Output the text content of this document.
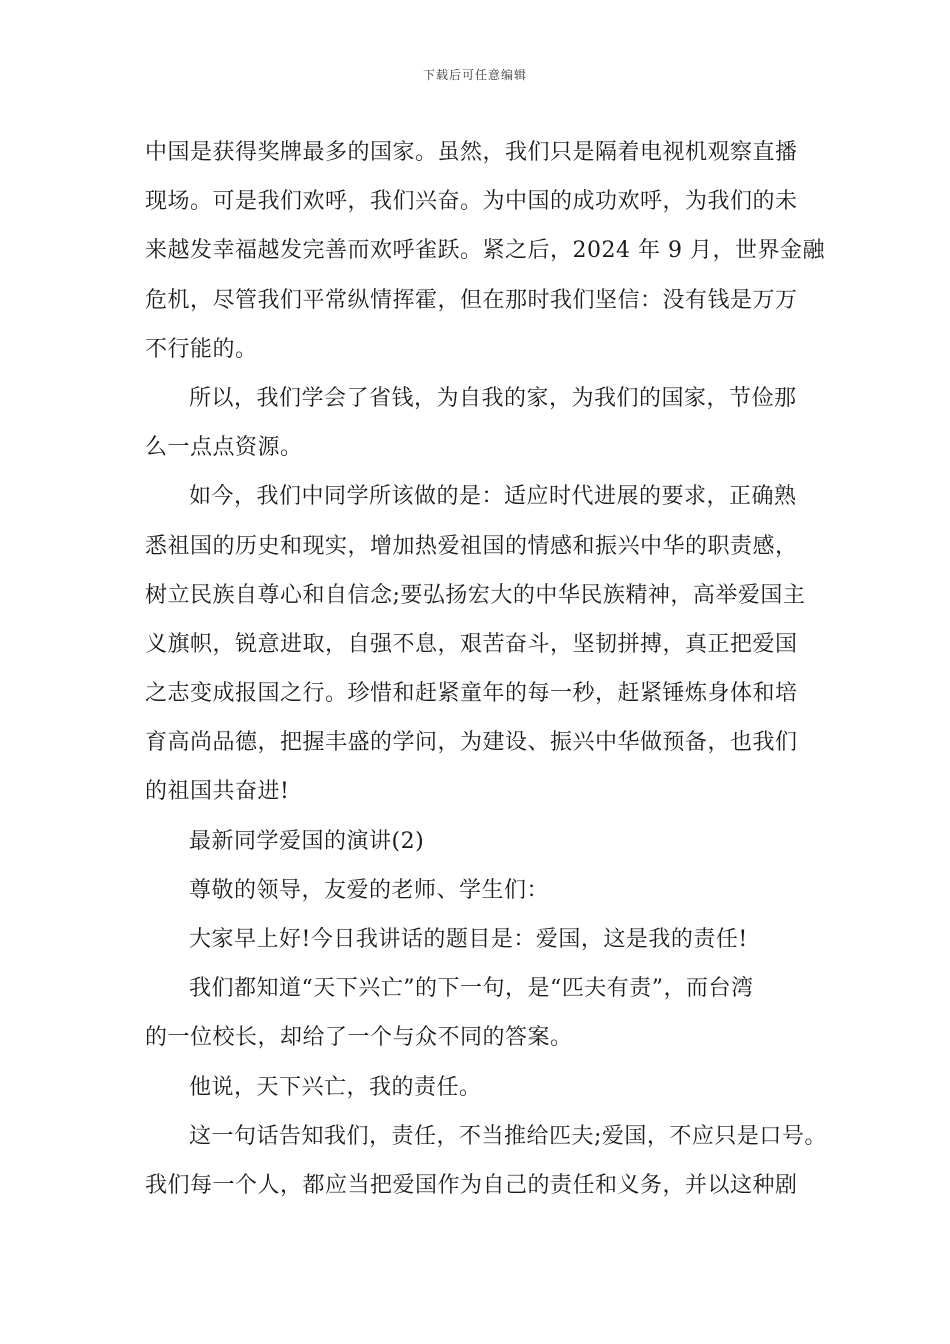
下载后可任意编辑
中国是获得奖牌最多的国家。虽然，我们只是隔着电视机观察直播
现场。可是我们欢呼，我们兴奋。为中国的成功欢呼，为我们的未
来越发幸福越发完善而欢呼雀跃。紧之后，2024 年 9 月，世界金融
危机，尽管我们平常纵情挥霍，但在那时我们坚信：没有钱是万万
不行能的。
所以，我们学会了省钱，为自我的家，为我们的国家，节俭那
么一点点资源。
如今，我们中同学所该做的是：适应时代进展的要求，正确熟
悉祖国的历史和现实，增加热爱祖国的情感和振兴中华的职责感，
树立民族自尊心和自信念;要弘扬宏大的中华民族精神，高举爱国主
义旗帜，锐意进取，自强不息，艰苦奋斗，坚韧拼搏，真正把爱国
之志变成报国之行。珍惜和赶紧童年的每一秒，赶紧锤炼身体和培
育高尚品德，把握丰盛的学问，为建设、振兴中华做预备，也我们
的祖国共奋进!
最新同学爱国的演讲(2)
尊敬的领导，友爱的老师、学生们：
大家早上好!今日我讲话的题目是：爱国，这是我的责任!
我们都知道“天下兴亡”的下一句，是“匹夫有责”，而台湾
的一位校长，却给了一个与众不同的答案。
他说，天下兴亡，我的责任。
这一句话告知我们，责任，不当推给匹夫;爱国，不应只是口号。
我们每一个人，都应当把爱国作为自己的责任和义务，并以这种剧
